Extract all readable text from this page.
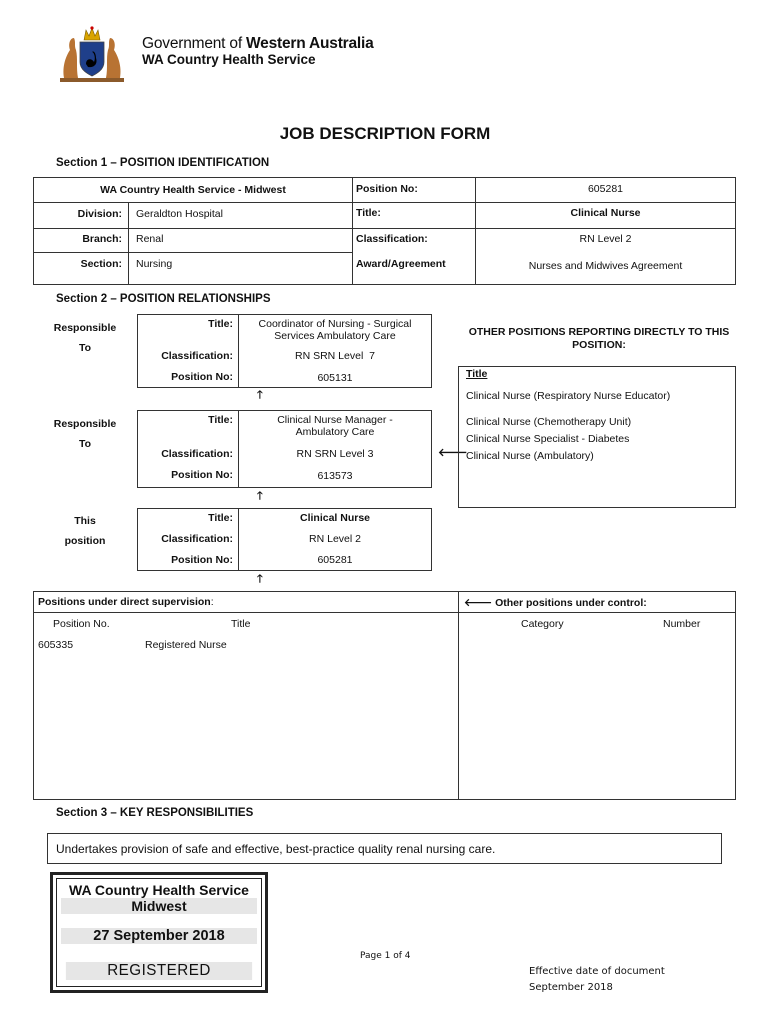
Government of Western Australia
WA Country Health Service
JOB DESCRIPTION FORM
Section 1 – POSITION IDENTIFICATION
WA Country Health Service - Midwest
Division: Geraldton Hospital
Branch: Renal
Section: Nursing
Position No:	605281
Title:	Clinical Nurse
Classification:	RN Level 2
Award/Agreement	Nurses and Midwives Agreement
Section 2 – POSITION RELATIONSHIPS
Responsible
To
Title:	Coordinator of Nursing - Surgical Services Ambulatory Care
Classification:	RN SRN Level  7
Position No:	605131
🡑
Responsible
To
Title:	Clinical Nurse Manager - Ambulatory Care
Classification:	RN SRN Level 3
Position No:	613573
🡐
🡑
This
position
Title:	Clinical Nurse
Classification:	RN Level 2
Position No:	605281
🡑
OTHER POSITIONS REPORTING DIRECTLY TO THIS POSITION:
Title
Clinical Nurse (Respiratory Nurse Educator)
Clinical Nurse (Chemotherapy Unit)
Clinical Nurse Specialist - Diabetes
Clinical Nurse (Ambulatory)
Positions under direct supervision:	🡐 Other positions under control:
Position No.	Title	Category	Number
605335	Registered Nurse
Section 3 – KEY RESPONSIBILITIES
Undertakes provision of safe and effective, best-practice quality renal nursing care.
WA Country Health Service
Midwest
27 September 2018
REGISTERED
Page 1 of 4
Effective date of document
September 2018
